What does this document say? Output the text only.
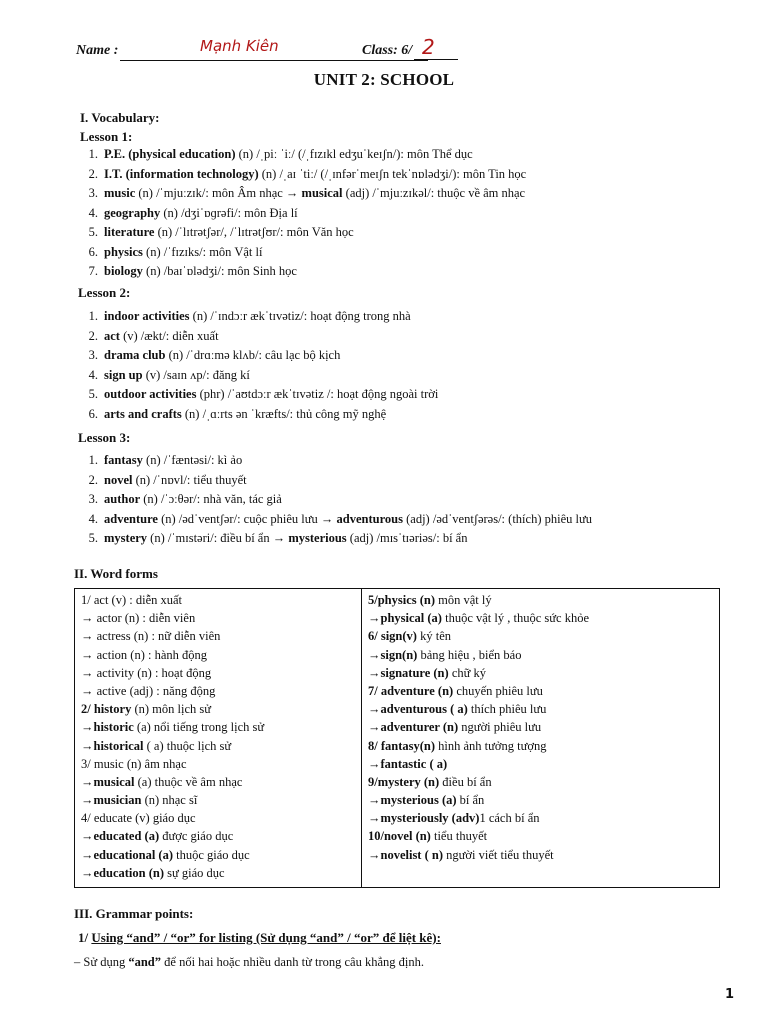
Name :	Mạnh Kiên	Class: 6/ 2
UNIT 2: SCHOOL
I. Vocabulary:
Lesson 1:
1. P.E. (physical education) (n) /ˌpiː ˈiː/ (/ˌfɪzɪkl edʒuˈkeɪʃn/): môn Thể dục
2. I.T. (information technology) (n) /ˌaɪ ˈtiː/ (/ˌɪnfərˈmeɪʃn tekˈnɒlədʒi/): môn Tin học
3. music (n) /ˈmjuːzɪk/: môn Âm nhạc → musical (adj) /ˈmjuːzɪkəl/: thuộc về âm nhạc
4. geography (n) /dʒiˈɒɡrəfi/: môn Địa lí
5. literature (n) /ˈlɪtrətʃər/, /ˈlɪtrətʃʊr/: môn Văn học
6. physics (n) /ˈfɪzɪks/: môn Vật lí
7. biology (n) /baɪˈɒlədʒi/: môn Sinh học
Lesson 2:
1. indoor activities (n) /ˈɪndɔːr ækˈtɪvətiz/: hoạt động trong nhà
2. act (v) /ækt/: diễn xuất
3. drama club (n) /ˈdrɑːmə klʌb/: câu lạc bộ kịch
4. sign up (v) /saɪn ʌp/: đăng kí
5. outdoor activities (phr) /ˈaʊtdɔːr ækˈtɪvətiz /: hoạt động ngoài trời
6. arts and crafts (n) /ˌɑːrts ən ˈkræfts/: thủ công mỹ nghệ
Lesson 3:
1. fantasy (n) /ˈfæntəsi/: kì ảo
2. novel (n) /ˈnɒvl/: tiểu thuyết
3. author (n) /ˈɔːθər/: nhà văn, tác giả
4. adventure (n) /ədˈventʃər/: cuộc phiêu lưu → adventurous (adj) /ədˈventʃərəs/: (thích) phiêu lưu
5. mystery (n) /ˈmɪstəri/: điều bí ẩn → mysterious (adj) /mɪsˈtɪəriəs/: bí ẩn
II. Word forms
1/ act (v) : diễn xuất
→ actor (n) : diễn viên
→ actress (n) : nữ diễn viên
→ action (n) : hành động
→ activity (n) : hoạt động
→ active (adj) : năng động
2/ history (n) môn lịch sử
→historic (a) nổi tiếng trong lịch sử
→historical ( a) thuộc lịch sử
3/ music (n) âm nhạc
→musical (a) thuộc về âm nhạc
→musician (n) nhạc sĩ
4/ educate (v) giáo dục
→educated (a) được giáo dục
→educational (a) thuộc giáo dục
→education (n) sự giáo dục
5/physics (n) môn vật lý
→physical (a) thuộc vật lý , thuộc sức khỏe
6/ sign(v) ký tên
→sign(n) bảng hiệu , biển báo
→signature (n) chữ ký
7/ adventure (n) chuyến phiêu lưu
→adventurous ( a) thích phiêu lưu
→adventurer (n) người phiêu lưu
8/ fantasy(n) hình ảnh tưởng tượng
→fantastic ( a)
9/mystery (n) điều bí ẩn
→mysterious (a) bí ẩn
→mysteriously (adv)1 cách bí ẩn
10/novel (n) tiểu thuyết
→novelist ( n) người viết tiểu thuyết
III. Grammar points:
1/ Using “and” / “or” for listing (Sử dụng “and” / “or” để liệt kê):
– Sử dụng “and” để nối hai hoặc nhiều danh từ trong câu khẳng định.
1
